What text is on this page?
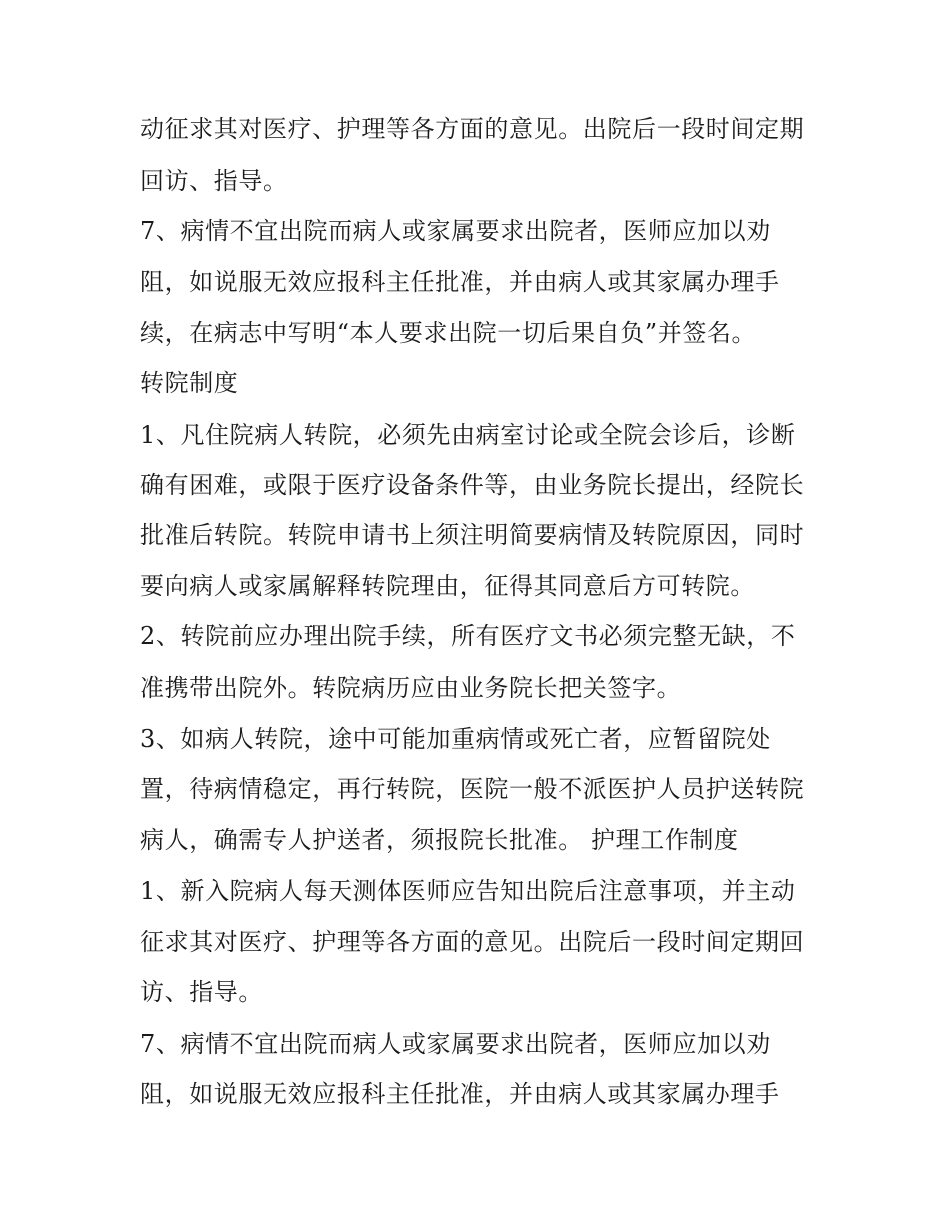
动征求其对医疗、护理等各方面的意见。出院后一段时间定期
回访、指导。
7、病情不宜出院而病人或家属要求出院者，医师应加以劝
阻，如说服无效应报科主任批准，并由病人或其家属办理手
续，在病志中写明“本人要求出院一切后果自负”并签名。
转院制度
1、凡住院病人转院，必须先由病室讨论或全院会诊后，诊断
确有困难，或限于医疗设备条件等，由业务院长提出，经院长
批准后转院。转院申请书上须注明简要病情及转院原因，同时
要向病人或家属解释转院理由，征得其同意后方可转院。
2、转院前应办理出院手续，所有医疗文书必须完整无缺，不
准携带出院外。转院病历应由业务院长把关签字。
3、如病人转院，途中可能加重病情或死亡者，应暂留院处
置，待病情稳定，再行转院，医院一般不派医护人员护送转院
病人，确需专人护送者，须报院长批准。 护理工作制度
1、新入院病人每天测体医师应告知出院后注意事项，并主动
征求其对医疗、护理等各方面的意见。出院后一段时间定期回
访、指导。
7、病情不宜出院而病人或家属要求出院者，医师应加以劝
阻，如说服无效应报科主任批准，并由病人或其家属办理手
